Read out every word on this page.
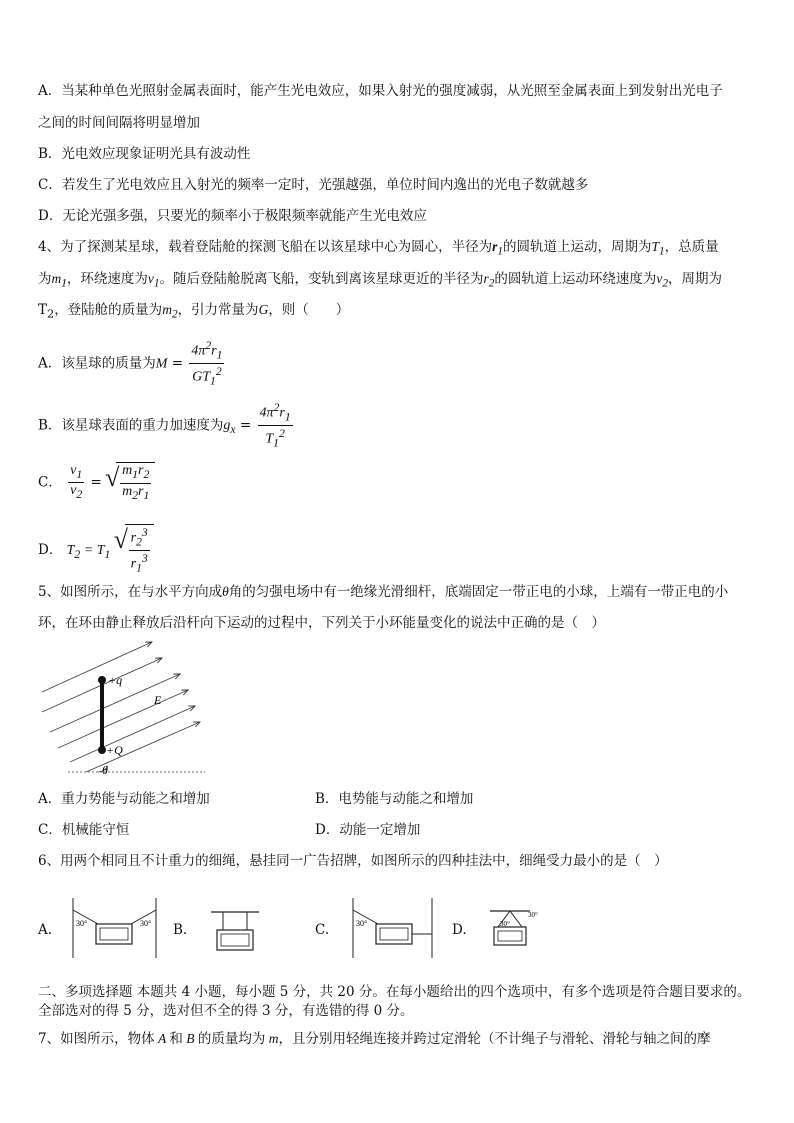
A．当某种单色光照射金属表面时，能产生光电效应，如果入射光的强度减弱，从光照至金属表面上到发射出光电子
之间的时间间隔将明显增加
B．光电效应现象证明光具有波动性
C．若发生了光电效应且入射光的频率一定时，光强越强，单位时间内逸出的光电子数就越多
D．无论光强多强，只要光的频率小于极限频率就能产生光电效应
4、为了探测某星球，载着登陆舱的探测飞船在以该星球中心为圆心，半径为$r_1$的圆轨道上运动，周期为$T_1$，总质量
为$m_1$，环绕速度为$v_1$。随后登陆舱脱离飞船，变轨到离该星球更近的半径为$r_2$的圆轨道上运动环绕速度为$v_2$，周期为
$T_2$，登陆舱的质量为$m_2$，引力常量为G，则（　　）
A．该星球的质量为$M = \frac{4\pi^2r_1}{GT_1^2}$
B．该星球表面的重力加速度为$g_x = \frac{4\pi^2r_1}{T_1^2}$
C． $\frac{v_1}{v_2}$ = √ $\frac{m_1r_2}{m_2r_1}$
D． $T_2 = T_1$ √ $\frac{r_2^3}{r_1^3}$
5、如图所示，在与水平方向成θ角的匀强电场中有一绝缘光滑细杆，底端固定一带正电的小球，上端有一带正电的小
环，在环由静止释放后沿杆向下运动的过程中，下列关于小环能量变化的说法中正确的是（　）
+q
E
+Q
θ
A．重力势能与动能之和增加	B．电势能与动能之和增加
C．机械能守恒	D．动能一定增加
6、用两个相同且不计重力的细绳，悬挂同一广告招牌，如图所示的四种挂法中，细绳受力最小的是（　）
A.	30°	30° B.	C.	30°	D.
30°
30°
二、多项选择题 本题共 4 小题，每小题 5 分，共 20 分。在每小题给出的四个选项中，有多个选项是符合题目要求的。
全部选对的得 5 分，选对但不全的得 3 分，有选错的得 0 分。
7、如图所示，物体 A 和 B 的质量均为 m，且分别用轻绳连接并跨过定滑轮（不计绳子与滑轮、滑轮与轴之间的摩
